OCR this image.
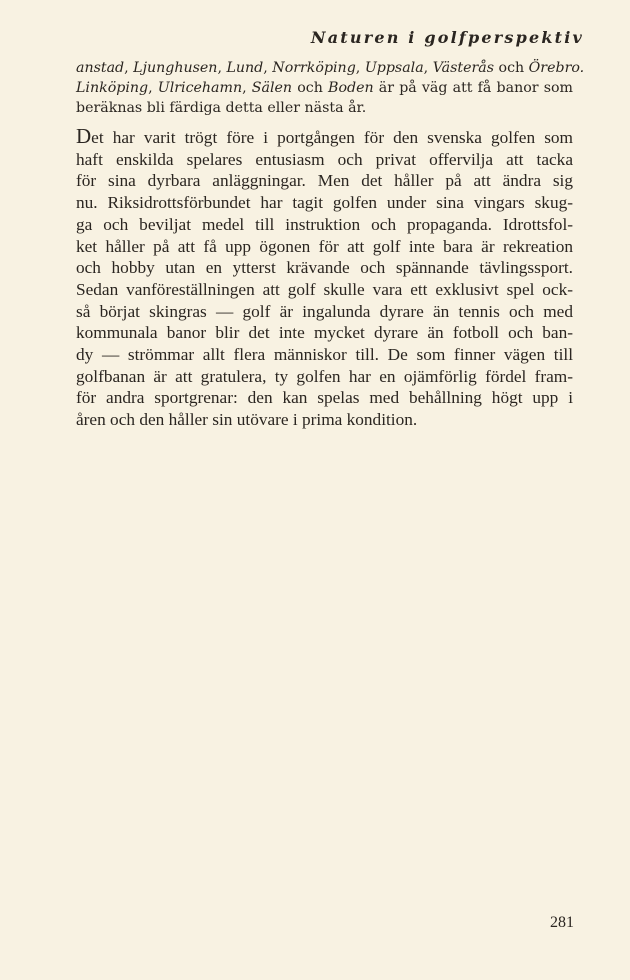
Naturen i golfperspektiv
anstad, Ljunghusen, Lund, Norrköping, Uppsala, Västerås och Örebro.
Linköping, Ulricehamn, Sälen och Boden är på väg att få banor som
beräknas bli färdiga detta eller nästa år.
Det har varit trögt före i portgången för den svenska golfen som
haft enskilda spelares entusiasm och privat offervilja att tacka
för sina dyrbara anläggningar. Men det håller på att ändra sig
nu. Riksidrottsförbundet har tagit golfen under sina vingars skug-
ga och beviljat medel till instruktion och propaganda. Idrottsfol-
ket håller på att få upp ögonen för att golf inte bara är rekreation
och hobby utan en ytterst krävande och spännande tävlingssport.
Sedan vanföreställningen att golf skulle vara ett exklusivt spel ock-
så börjat skingras — golf är ingalunda dyrare än tennis och med
kommunala banor blir det inte mycket dyrare än fotboll och ban-
dy — strömmar allt flera människor till. De som finner vägen till
golfbanan är att gratulera, ty golfen har en ojämförlig fördel fram-
för andra sportgrenar: den kan spelas med behållning högt upp i
åren och den håller sin utövare i prima kondition.
281
